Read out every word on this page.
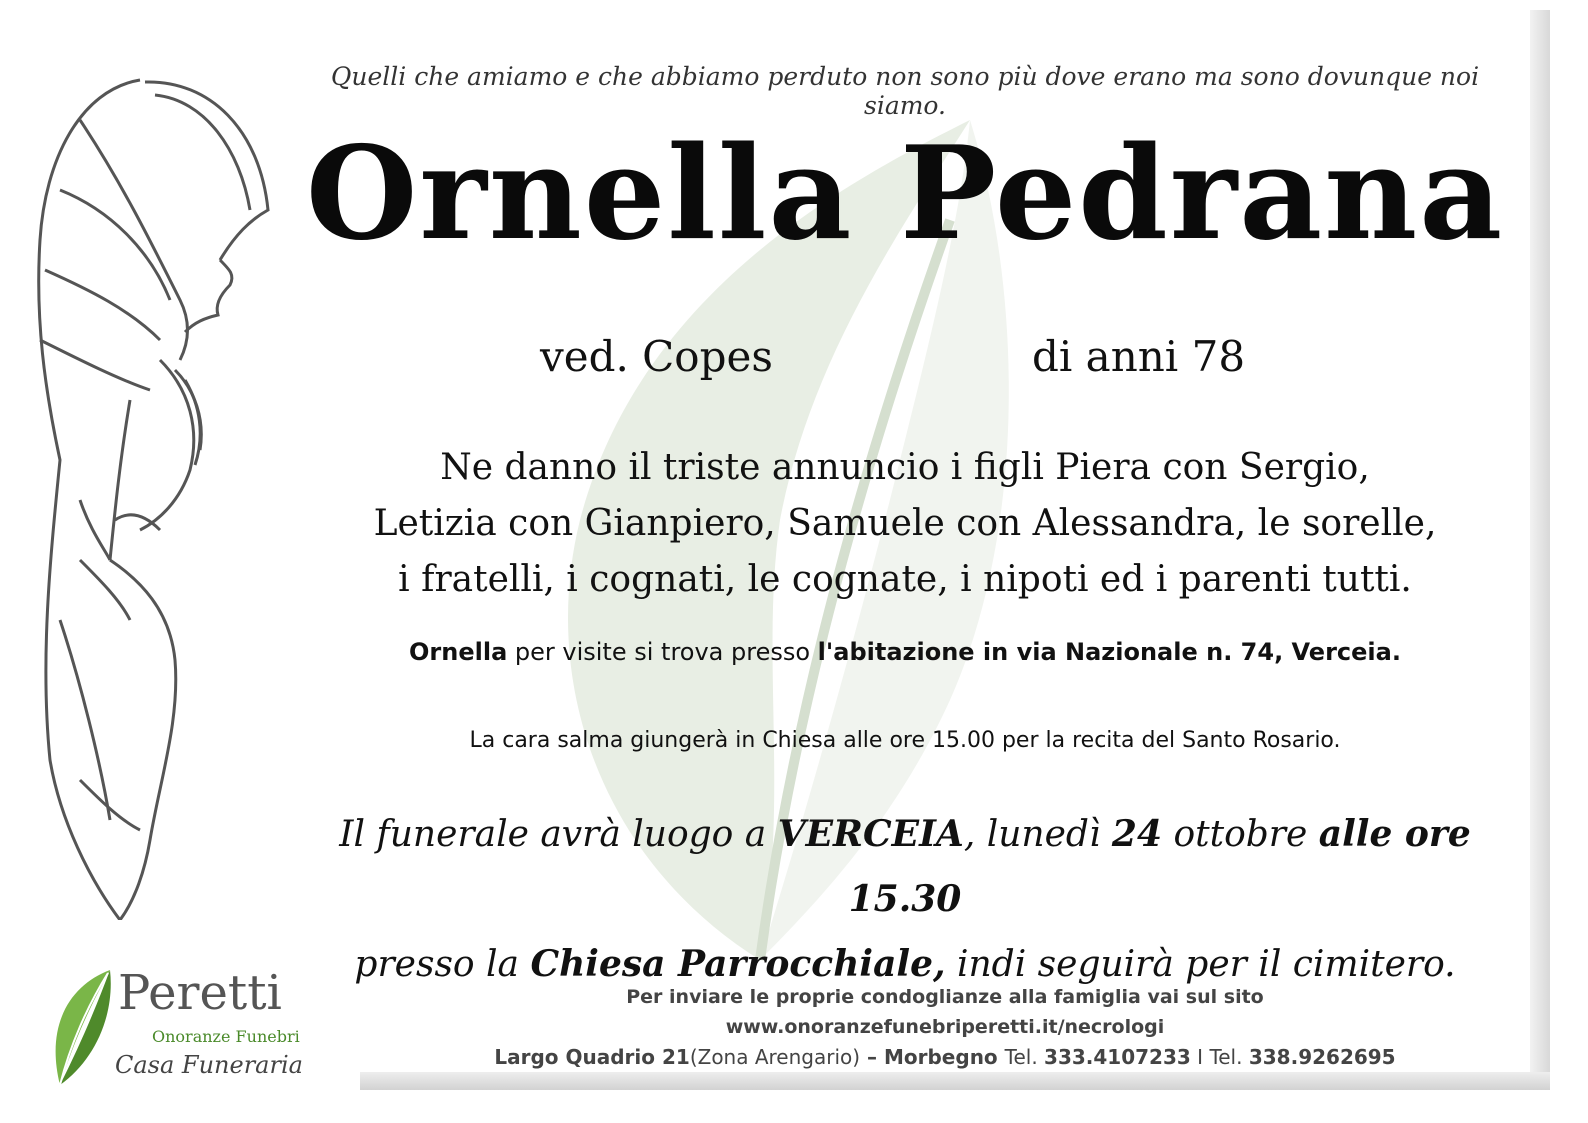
Quelli che amiamo e che abbiamo perduto non sono più dove erano ma sono dovunque noi siamo.
Ornella Pedrana
ved. Copes	di anni 78
Ne danno il triste annuncio i figli Piera con Sergio,
Letizia con Gianpiero, Samuele con Alessandra, le sorelle,
i fratelli, i cognati, le cognate, i nipoti ed i parenti tutti.
Ornella per visite si trova presso l'abitazione in via Nazionale n. 74, Verceia.
La cara salma giungerà in Chiesa alle ore 15.00 per la recita del Santo Rosario.
Il funerale avrà luogo a VERCEIA, lunedì 24 ottobre alle ore 15.30
presso la Chiesa Parrocchiale, indi seguirà per il cimitero.
Per inviare le proprie condoglianze alla famiglia vai sul sito
www.onoranzefunebriperetti.it/necrologi
Largo Quadrio 21(Zona Arengario) – Morbegno Tel. 333.4107233 I Tel. 338.9262695
Peretti
Onoranze Funebri
Casa Funeraria
